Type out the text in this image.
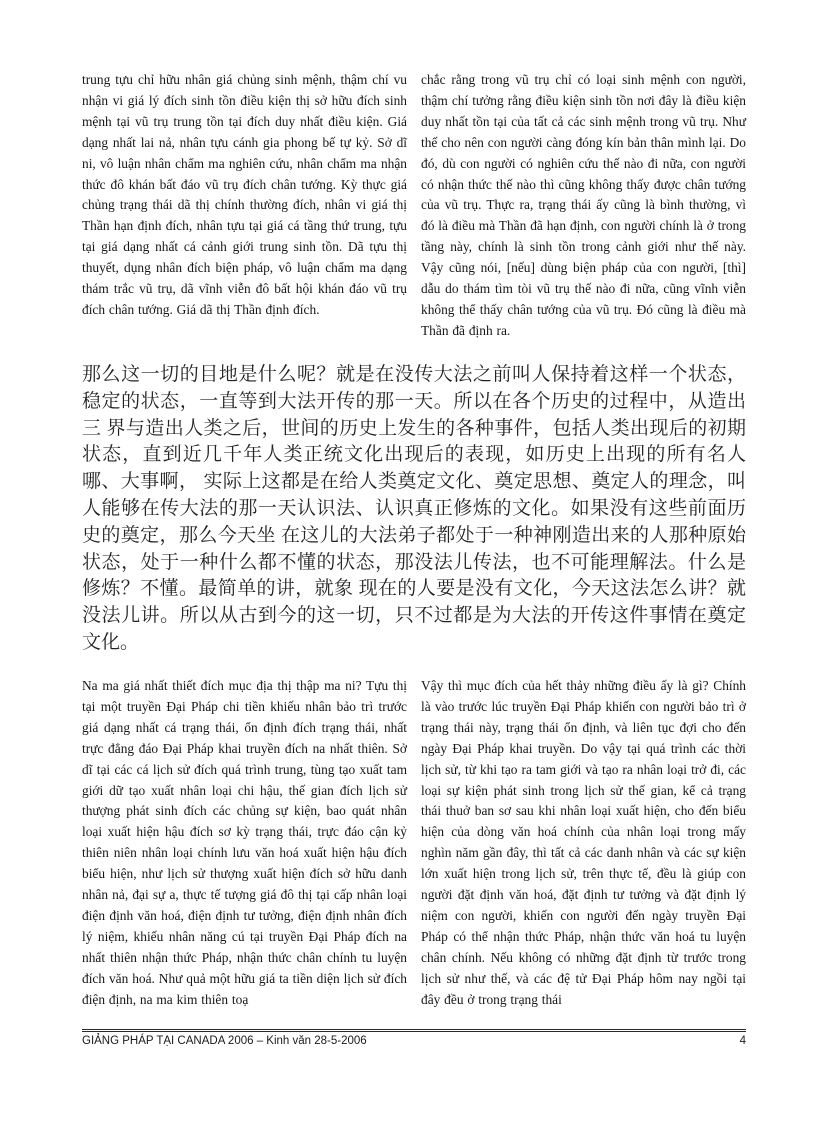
trung tựu chỉ hữu nhân giá chủng sinh mệnh, thậm chí vu nhận vi giá lý đích sinh tồn điều kiện thị sở hữu đích sinh mệnh tại vũ trụ trung tồn tại đích duy nhất điều kiện. Giá dạng nhất lai nả, nhân tựu cánh gia phong bế tự kỷ. Sở dĩ ni, vô luận nhân chẩm ma nghiên cứu, nhân chẩm ma nhận thức đô khán bất đáo vũ trụ đích chân tướng. Kỳ thực giá chủng trạng thái dã thị chính thường đích, nhân vi giá thị Thần hạn định đích, nhân tựu tại giá cá tầng thứ trung, tựu tại giá dạng nhất cá cảnh giới trung sinh tồn. Dã tựu thị thuyết, dụng nhân đích biện pháp, vô luận chẩm ma dạng thám trắc vũ trụ, dã vĩnh viễn đô bất hội khán đáo vũ trụ đích chân tướng. Giá dã thị Thần định đích.
chắc rằng trong vũ trụ chỉ có loại sinh mệnh con người, thậm chí tưởng rằng điều kiện sinh tồn nơi đây là điều kiện duy nhất tồn tại của tất cả các sinh mệnh trong vũ trụ. Như thế cho nên con người càng đóng kín bản thân mình lại. Do đó, dù con người có nghiên cứu thế nào đi nữa, con người có nhận thức thế nào thì cũng không thấy được chân tướng của vũ trụ. Thực ra, trạng thái ấy cũng là bình thường, vì đó là điều mà Thần đã hạn định, con người chính là ở trong tầng này, chính là sinh tồn trong cảnh giới như thế này. Vậy cũng nói, [nếu] dùng biện pháp của con người, [thì] dẫu do thám tìm tòi vũ trụ thế nào đi nữa, cũng vĩnh viễn không thể thấy chân tướng của vũ trụ. Đó cũng là điều mà Thần đã định ra.
那么这一切的目地是什么呢？就是在没传大法之前叫人保持着这样一个状态，稳定的状态，一直等到大法开传的那一天。所以在各个历史的过程中，从造出三 界与造出人类之后，世间的历史上发生的各种事件，包括人类出现后的初期状态，直到近几千年人类正统文化出现后的表现，如历史上出现的所有名人哪、大事啊， 实际上这都是在给人类奠定文化、奠定思想、奠定人的理念，叫人能够在传大法的那一天认识法、认识真正修炼的文化。如果没有这些前面历史的奠定，那么今天坐 在这儿的大法弟子都处于一种神刚造出来的人那种原始状态，处于一种什么都不懂的状态，那没法儿传法，也不可能理解法。什么是修炼？不懂。最简单的讲，就象 现在的人要是没有文化，今天这法怎么讲？就没法儿讲。所以从古到今的这一切，只不过都是为大法的开传这件事情在奠定文化。
Na ma giá nhất thiết đích mục địa thị thập ma ni? Tựu thị tại một truyền Đại Pháp chi tiền khiếu nhân bảo trì trước giá dạng nhất cá trạng thái, ổn định đích trạng thái, nhất trực đẳng đáo Đại Pháp khai truyền đích na nhất thiên. Sở dĩ tại các cá lịch sử đích quá trình trung, tùng tạo xuất tam giới dữ tạo xuất nhân loại chi hậu, thế gian đích lịch sử thượng phát sinh đích các chủng sự kiện, bao quát nhân loại xuất hiện hậu đích sơ kỳ trạng thái, trực đáo cận kỷ thiên niên nhân loại chính lưu văn hoá xuất hiện hậu đích biểu hiện, như lịch sử thượng xuất hiện đích sở hữu danh nhân nả, đại sự a, thực tế tượng giá đô thị tại cấp nhân loại điện định văn hoá, điện định tư tưởng, điện định nhân đích lý niệm, khiếu nhân năng cú tại truyền Đại Pháp đích na nhất thiên nhận thức Pháp, nhận thức chân chính tu luyện đích văn hoá. Như quả một hữu giá ta tiền diện lịch sử đích điện định, na ma kim thiên toạ
Vậy thì mục đích của hết thảy những điều ấy là gì? Chính là vào trước lúc truyền Đại Pháp khiến con người bảo trì ở trạng thái này, trạng thái ổn định, và liên tục đợi cho đến ngày Đại Pháp khai truyền. Do vậy tại quá trình các thời lịch sử, từ khi tạo ra tam giới và tạo ra nhân loại trở đi, các loại sự kiện phát sinh trong lịch sử thế gian, kể cả trạng thái thuở ban sơ sau khi nhân loại xuất hiện, cho đến biểu hiện của dòng văn hoá chính của nhân loại trong mấy nghìn năm gần đây, thì tất cả các danh nhân và các sự kiện lớn xuất hiện trong lịch sử, trên thực tế, đều là giúp con người đặt định văn hoá, đặt định tư tưởng và đặt định lý niệm con người, khiến con người đến ngày truyền Đại Pháp có thể nhận thức Pháp, nhận thức văn hoá tu luyện chân chính. Nếu không có những đặt định từ trước trong lịch sử như thế, và các đệ tử Đại Pháp hôm nay ngồi tại đây đều ở trong trạng thái
GIẢNG PHÁP TẠI CANADA 2006 – Kinh văn 28-5-2006	4
